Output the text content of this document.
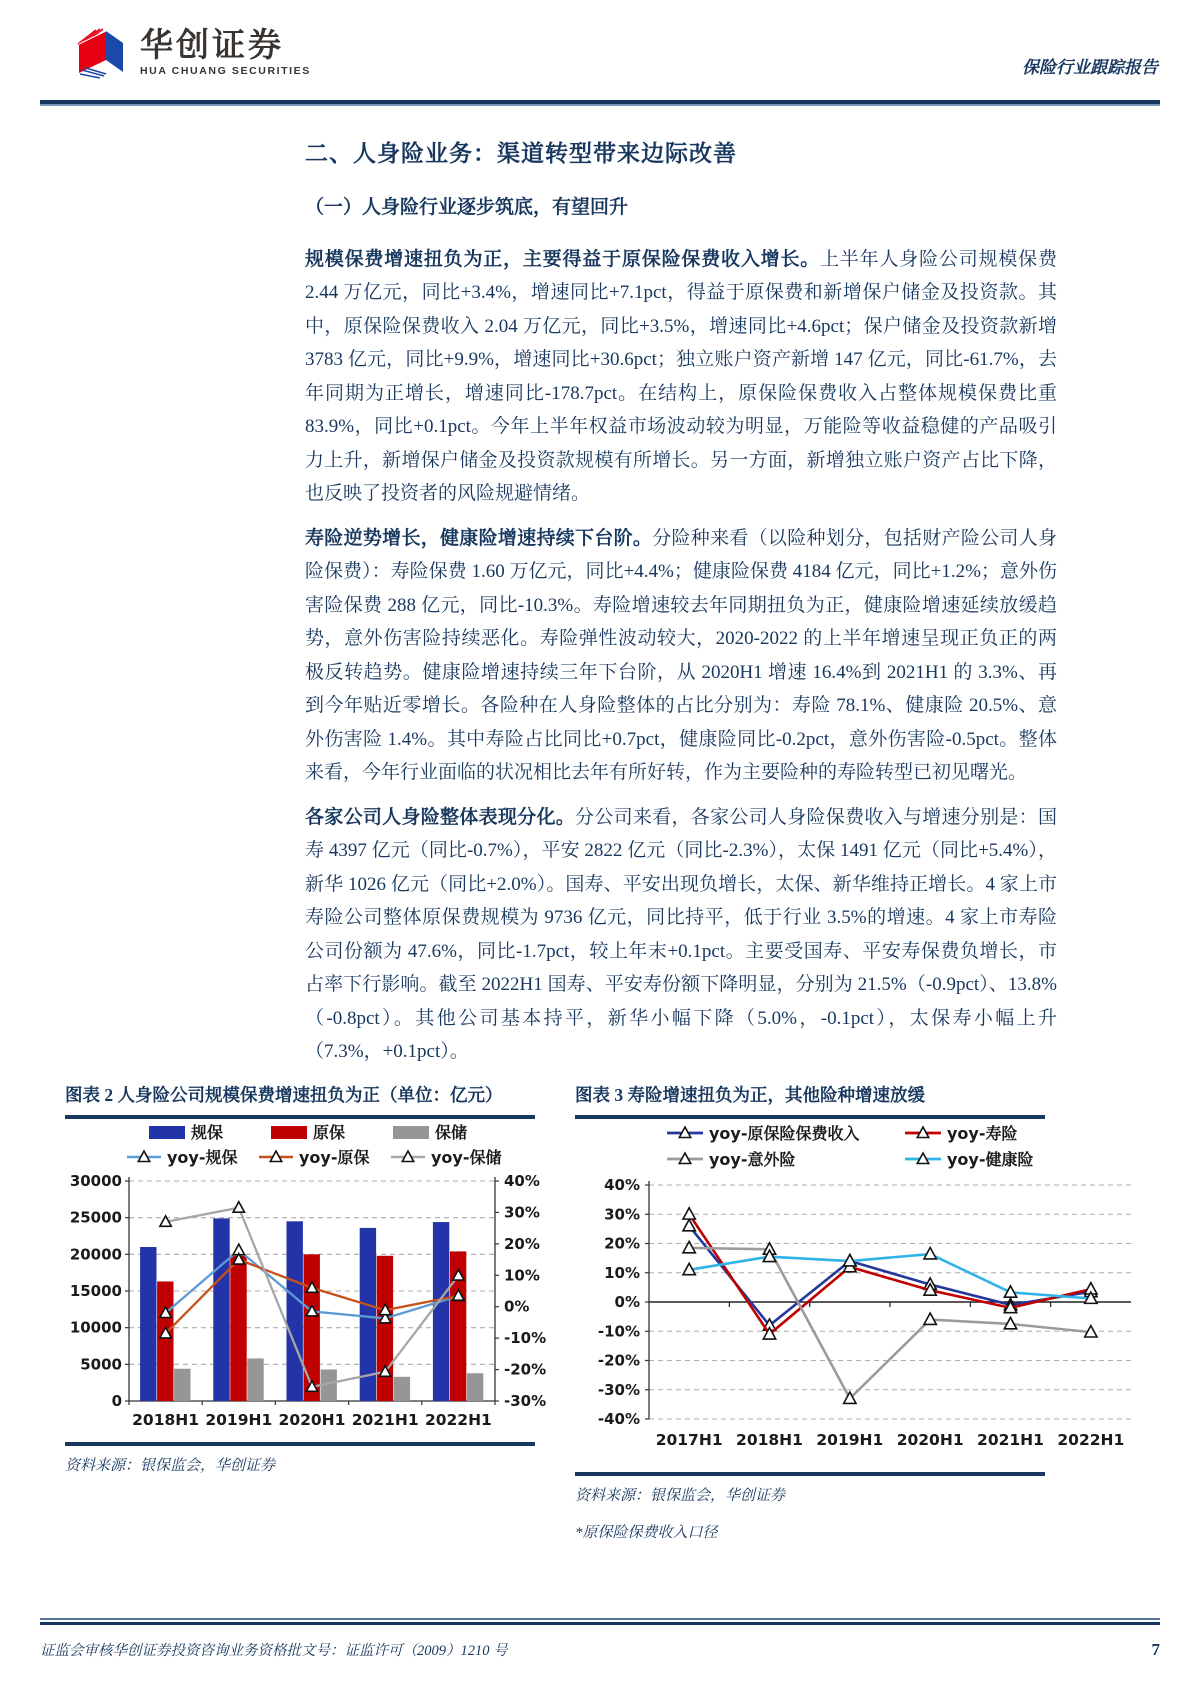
华创证券
HUA CHUANG SECURITIES	保险行业跟踪报告
二、人身险业务：渠道转型带来边际改善
（一）人身险行业逐步筑底，有望回升

规模保费增速扭负为正，主要得益于原保险保费收入增长。上半年人身险公司规模保费 2.44 万亿元，同比+3.4%，增速同比+7.1pct，得益于原保费和新增保户储金及投资款。其中，原保险保费收入 2.04 万亿元，同比+3.5%，增速同比+4.6pct；保户储金及投资款新增 3783 亿元，同比+9.9%，增速同比+30.6pct；独立账户资产新增 147 亿元，同比-61.7%，去年同期为正增长，增速同比-178.7pct。在结构上，原保险保费收入占整体规模保费比重 83.9%，同比+0.1pct。今年上半年权益市场波动较为明显，万能险等收益稳健的产品吸引力上升，新增保户储金及投资款规模有所增长。另一方面，新增独立账户资产占比下降，也反映了投资者的风险规避情绪。

寿险逆势增长，健康险增速持续下台阶。分险种来看（以险种划分，包括财产险公司人身险保费）：寿险保费 1.60 万亿元，同比+4.4%；健康险保费 4184 亿元，同比+1.2%；意外伤害险保费 288 亿元，同比-10.3%。寿险增速较去年同期扭负为正，健康险增速延续放缓趋势，意外伤害险持续恶化。寿险弹性波动较大，2020-2022 的上半年增速呈现正负正的两极反转趋势。健康险增速持续三年下台阶，从 2020H1 增速 16.4%到 2021H1 的 3.3%、再到今年贴近零增长。各险种在人身险整体的占比分别为：寿险 78.1%、健康险 20.5%、意外伤害险 1.4%。其中寿险占比同比+0.7pct，健康险同比-0.2pct，意外伤害险-0.5pct。整体来看，今年行业面临的状况相比去年有所好转，作为主要险种的寿险转型已初见曙光。

各家公司人身险整体表现分化。分公司来看，各家公司人身险保费收入与增速分别是：国寿 4397 亿元（同比-0.7%），平安 2822 亿元（同比-2.3%），太保 1491 亿元（同比+5.4%），新华 1026 亿元（同比+2.0%）。国寿、平安出现负增长，太保、新华维持正增长。4 家上市寿险公司整体原保费规模为 9736 亿元，同比持平，低于行业 3.5%的增速。4 家上市寿险公司份额为 47.6%，同比-1.7pct，较上年末+0.1pct。主要受国寿、平安寿保费负增长，市占率下行影响。截至 2022H1 国寿、平安寿份额下降明显，分别为 21.5%（-0.9pct）、13.8%（-0.8pct）。其他公司基本持平，新华小幅下降（5.0%，-0.1pct），太保寿小幅上升（7.3%，+0.1pct）。

图表 2 人身险公司规模保费增速扭负为正（单位：亿元）
0
5000
10000
15000
20000
25000
30000
-30%
-20%
-10%
0%
10%
20%
30%
40%
2018H1 2019H1 2020H1 2021H1 2022H1
规保	原保	保储
yoy-规保	yoy-原保	yoy-保储
资料来源：银保监会，华创证券
图表 3 寿险增速扭负为正，其他险种增速放缓
-40%
-30%
-20%
-10%
0%
10%
20%
30%
40%
2017H1 2018H1 2019H1 2020H1 2021H1 2022H1
yoy-原保险保费收入	yoy-寿险
yoy-意外险	yoy-健康险
资料来源：银保监会，华创证券
*原保险保费收入口径
证监会审核华创证券投资咨询业务资格批文号：证监许可（2009）1210 号	7
